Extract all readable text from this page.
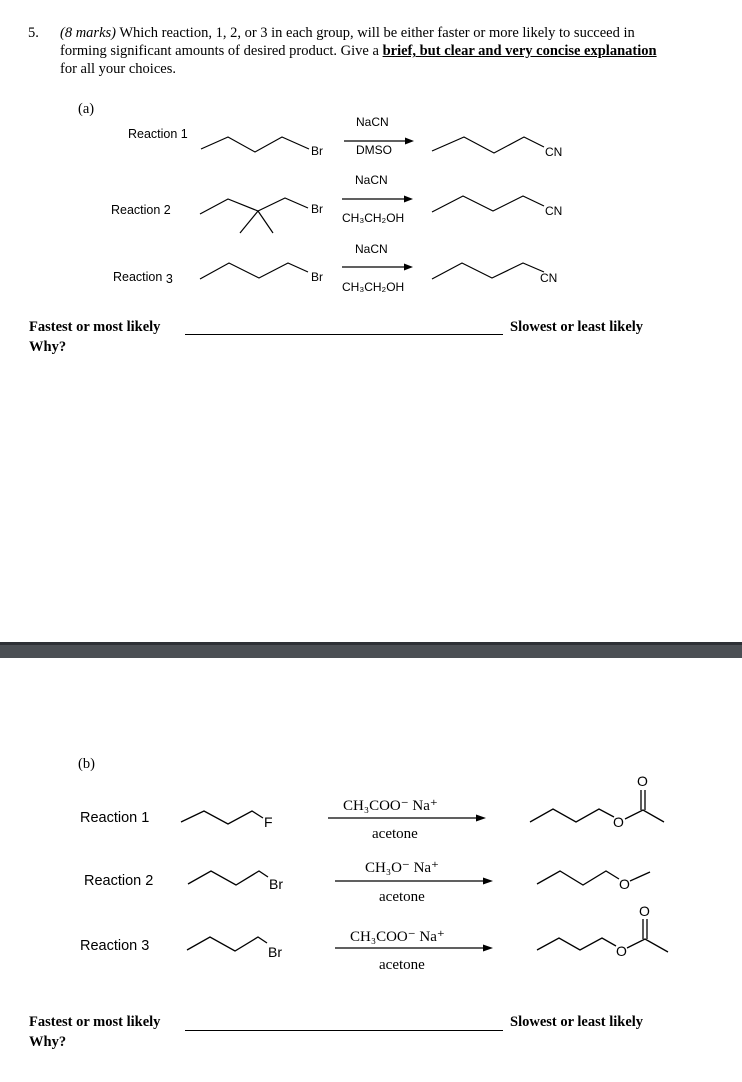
5. (8 marks) Which reaction, 1, 2, or 3 in each group, will be either faster or more likely to succeed in forming significant amounts of desired product. Give a brief, but clear and very concise explanation for all your choices.
(a)
Reaction 1
Br
NaCN
DMSO	CN
Reaction 2	Br
NaCN
CH₃CH₂OH	CN
Reaction 3	Br
NaCN
CH₃CH₂OH
CN
Fastest or most likely	Slowest or least likely
Why?
(b)
Reaction 1	F
CH₃COO⁻ Na⁺
acetone
O
O
Reaction 2	Br
CH₃O⁻ Na⁺
acetone
O
Reaction 3	Br
CH₃COO⁻ Na⁺
acetone
O
O
Fastest or most likely	Slowest or least likely
Why?
